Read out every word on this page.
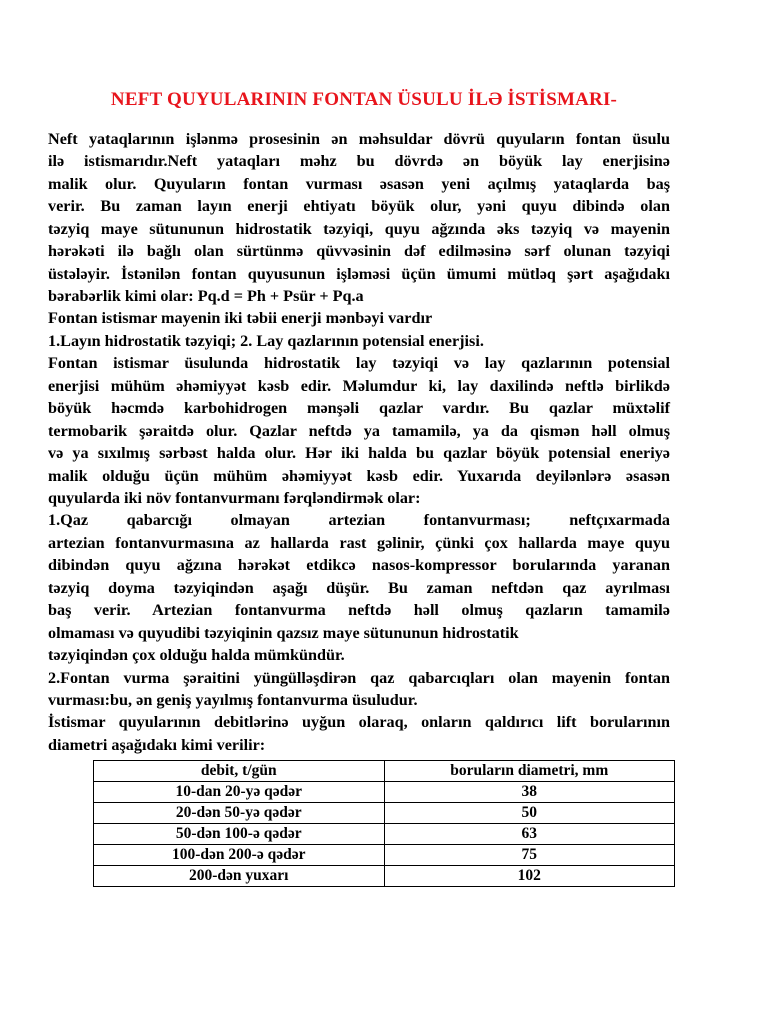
NEFT QUYULARININ FONTAN ÜSULU İLƏ İSTİSMARI-
Neft yataqlarının işlənmə prosesinin ən məhsuldar dövrü quyuların fontan üsulu
ilə istismarıdır.Neft yataqları məhz bu dövrdə ən böyük lay enerjisinə
malik olur. Quyuların fontan vurması əsasən yeni açılmış yataqlarda baş
verir. Bu zaman layın enerji ehtiyatı böyük olur, yəni quyu dibində olan
təzyiq maye sütununun hidrostatik təzyiqi, quyu ağzında əks təzyiq və mayenin
hərəkəti ilə bağlı olan sürtünmə qüvvəsinin dəf edilməsinə sərf olunan təzyiqi
üstələyir. İstənilən fontan quyusunun işləməsi üçün ümumi mütləq şərt aşağıdakı
bərabərlik kimi olar: Pq.d = Ph + Psür + Pq.a
Fontan istismar mayenin iki təbii enerji mənbəyi vardır
1.Layın hidrostatik təzyiqi; 2. Lay qazlarının potensial enerjisi.
Fontan istismar üsulunda hidrostatik lay təzyiqi və lay qazlarının potensial
enerjisi mühüm əhəmiyyət kəsb edir. Məlumdur ki, lay daxilində neftlə birlikdə
böyük həcmdə karbohidrogen mənşəli qazlar vardır. Bu qazlar müxtəlif
termobarik şəraitdə olur. Qazlar neftdə ya tamamilə, ya da qismən həll olmuş
və ya sıxılmış sərbəst halda olur. Hər iki halda bu qazlar böyük potensial eneriyə
malik olduğu üçün mühüm əhəmiyyət kəsb edir. Yuxarıda deyilənlərə əsasən
quyularda iki növ fontanvurmanı fərqləndirmək olar:
1.Qaz qabarcığı olmayan artezian fontanvurması; neftçıxarmada
artezian fontanvurmasına az hallarda rast gəlinir, çünki çox hallarda maye quyu
dibindən quyu ağzına hərəkət etdikcə nasos-kompressor borularında yaranan
təzyiq doyma təzyiqindən aşağı düşür. Bu zaman neftdən qaz ayrılması
baş verir. Artezian fontanvurma neftdə həll olmuş qazların tamamilə
olmaması və quyudibi təzyiqinin qazsız maye sütununun hidrostatik
təzyiqindən çox olduğu halda mümkündür.
2.Fontan vurma şəraitini yüngülləşdirən qaz qabarcıqları olan mayenin fontan
vurması:bu, ən geniş yayılmış fontanvurma üsuludur.
İstismar quyularının debitlərinə uyğun olaraq, onların qaldırıcı lift borularının
diametri aşağıdakı kimi verilir:
debit, t/gün	boruların diametri, mm
10-dan 20-yə qədər	38
20-dən 50-yə qədər	50
50-dən 100-ə qədər	63
100-dən 200-ə qədər	75
200-dən yuxarı	102
